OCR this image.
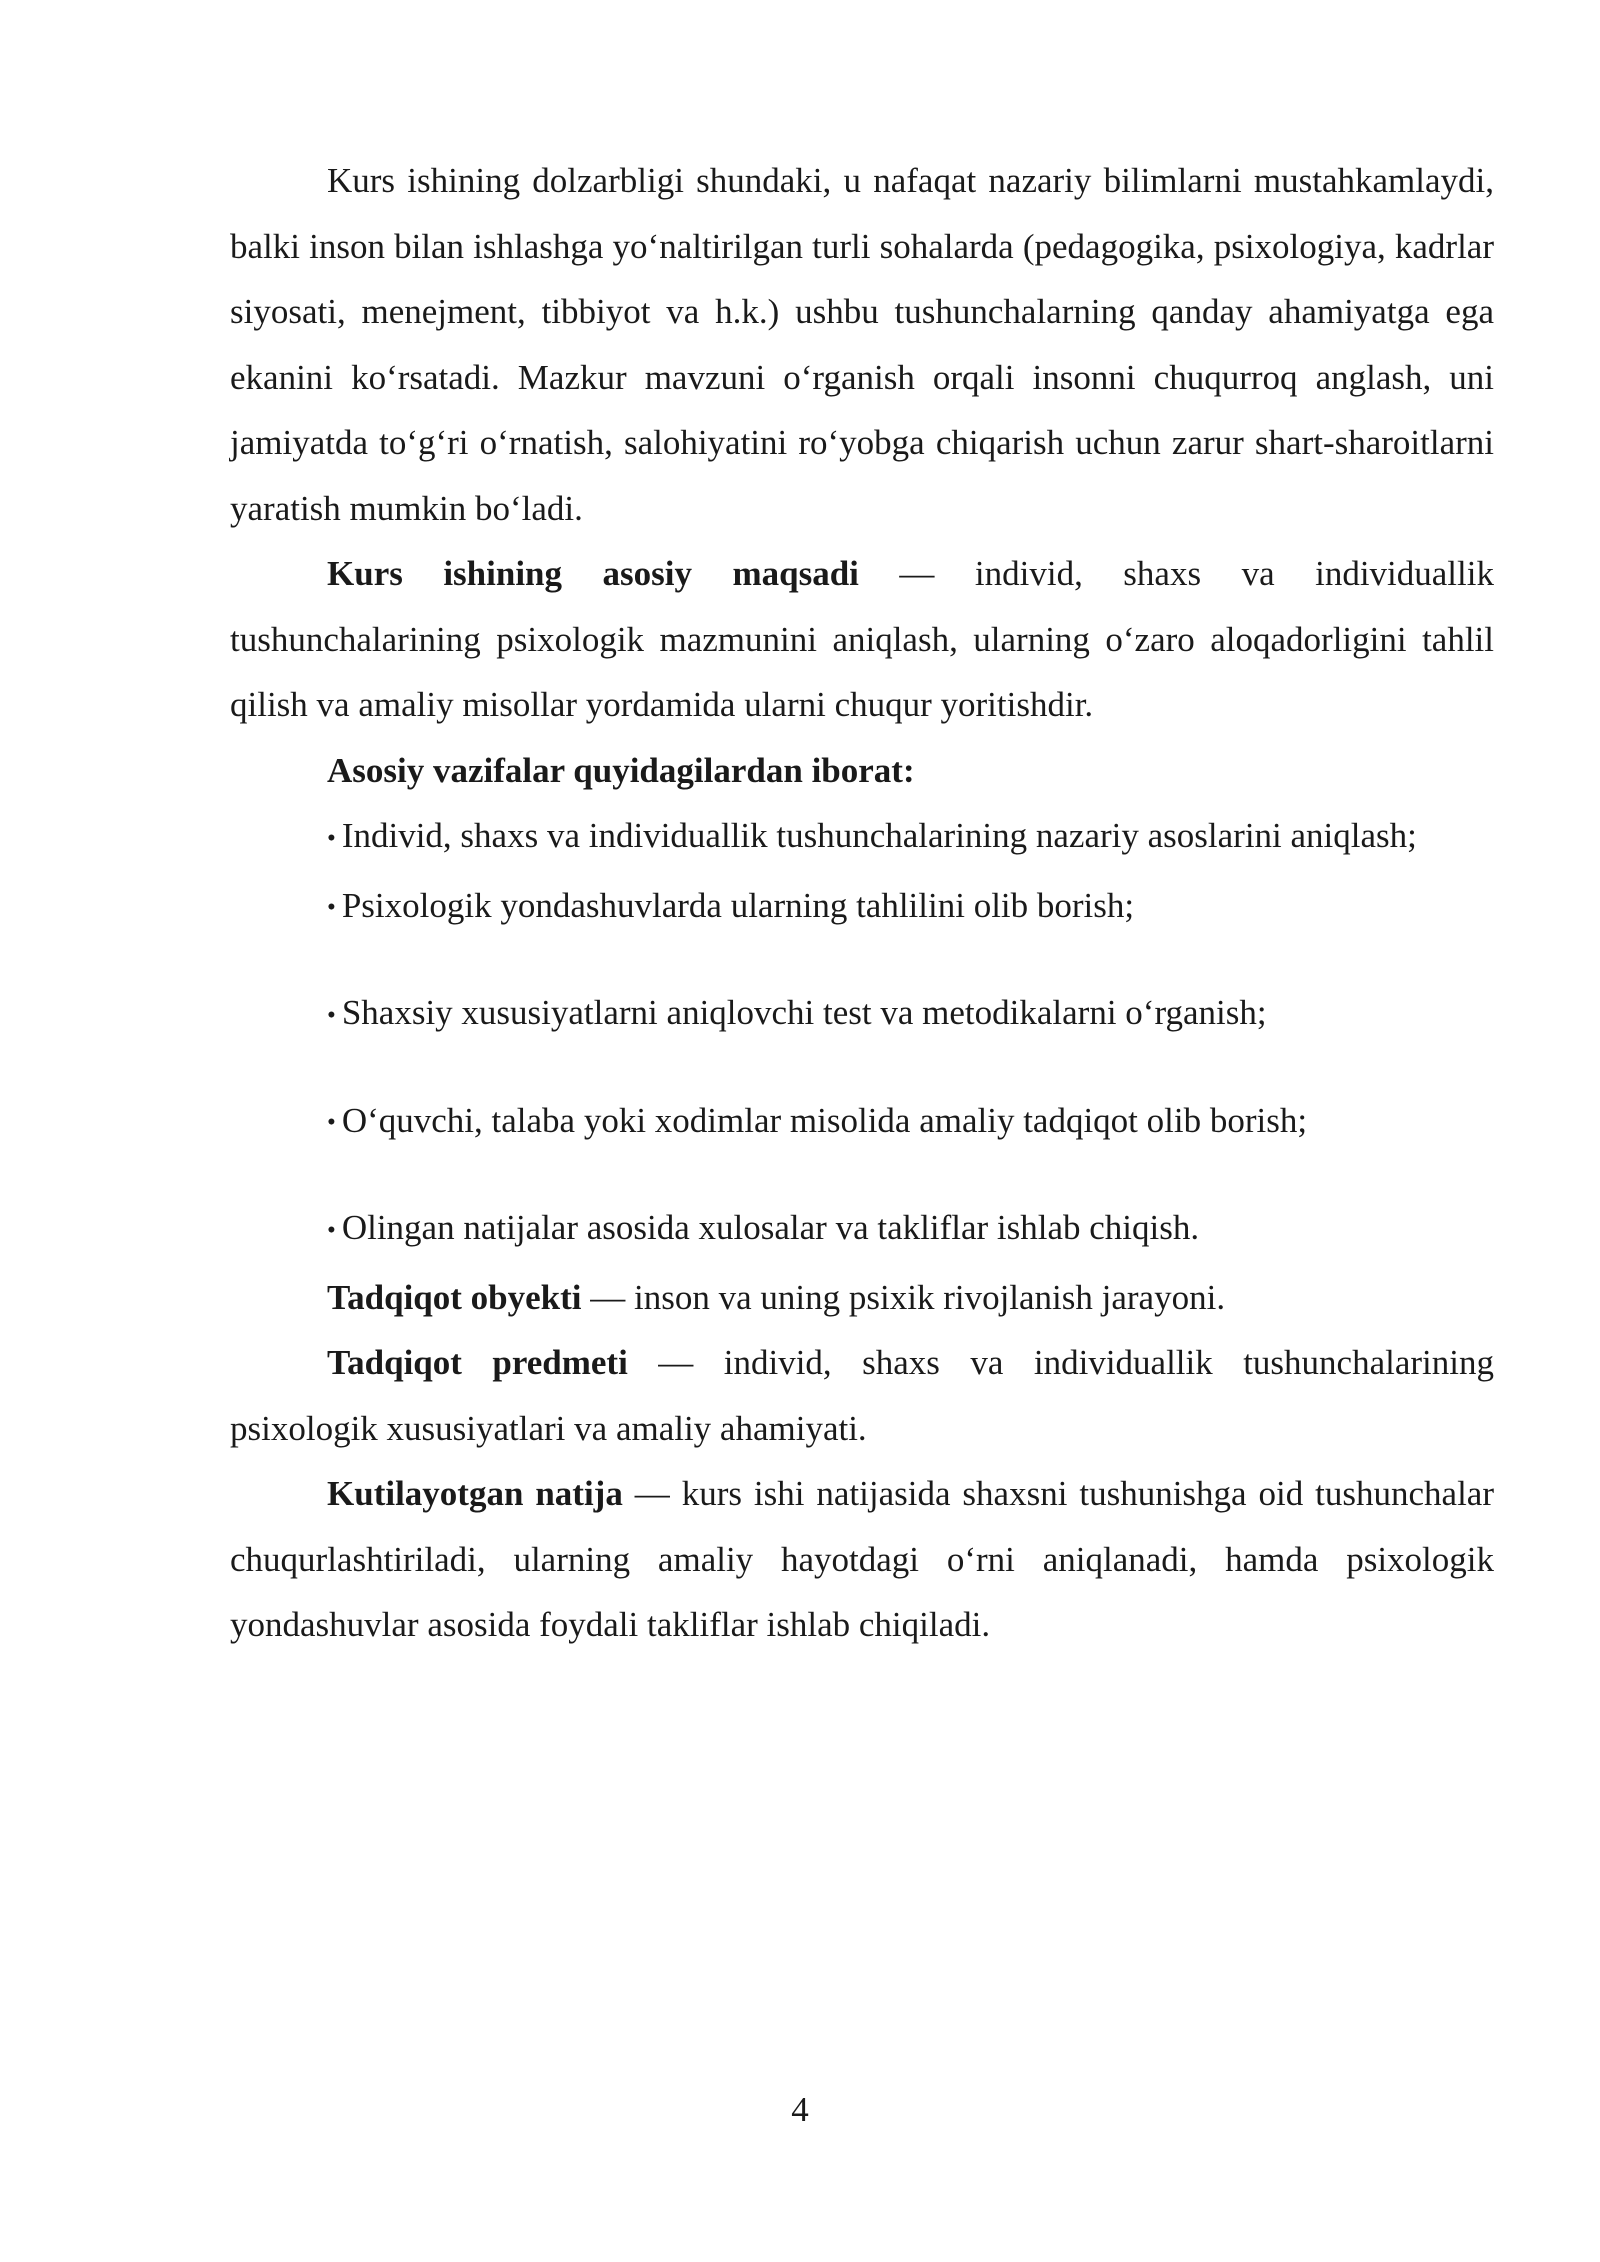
Kurs ishining dolzarbligi shundaki, u nafaqat nazariy bilimlarni mustahkamlaydi, balki inson bilan ishlashga yo‘naltirilgan turli sohalarda (pedagogika, psixologiya, kadrlar siyosati, menejment, tibbiyot va h.k.) ushbu tushunchalarning qanday ahamiyatga ega ekanini ko‘rsatadi. Mazkur mavzuni o‘rganish orqali insonni chuqurroq anglash, uni jamiyatda to‘g‘ri o‘rnatish, salohiyatini ro‘yobga chiqarish uchun zarur shart-sharoitlarni yaratish mumkin bo‘ladi.

Kurs ishining asosiy maqsadi — individ, shaxs va individuallik tushunchalarining psixologik mazmunini aniqlash, ularning o‘zaro aloqadorligini tahlil qilish va amaliy misollar yordamida ularni chuqur yoritishdir.

Asosiy vazifalar quyidagilardan iborat:

• Individ, shaxs va individuallik tushunchalarining nazariy asoslarini aniqlash;

• Psixologik yondashuvlarda ularning tahlilini olib borish;

• Shaxsiy xususiyatlarni aniqlovchi test va metodikalarni o‘rganish;

• O‘quvchi, talaba yoki xodimlar misolida amaliy tadqiqot olib borish;

• Olingan natijalar asosida xulosalar va takliflar ishlab chiqish.

Tadqiqot obyekti — inson va uning psixik rivojlanish jarayoni.

Tadqiqot predmeti — individ, shaxs va individuallik tushunchalarining psixologik xususiyatlari va amaliy ahamiyati.

Kutilayotgan natija — kurs ishi natijasida shaxsni tushunishga oid tushunchalar chuqurlashtiriladi, ularning amaliy hayotdagi o‘rni aniqlanadi, hamda psixologik yondashuvlar asosida foydali takliflar ishlab chiqiladi.

4
